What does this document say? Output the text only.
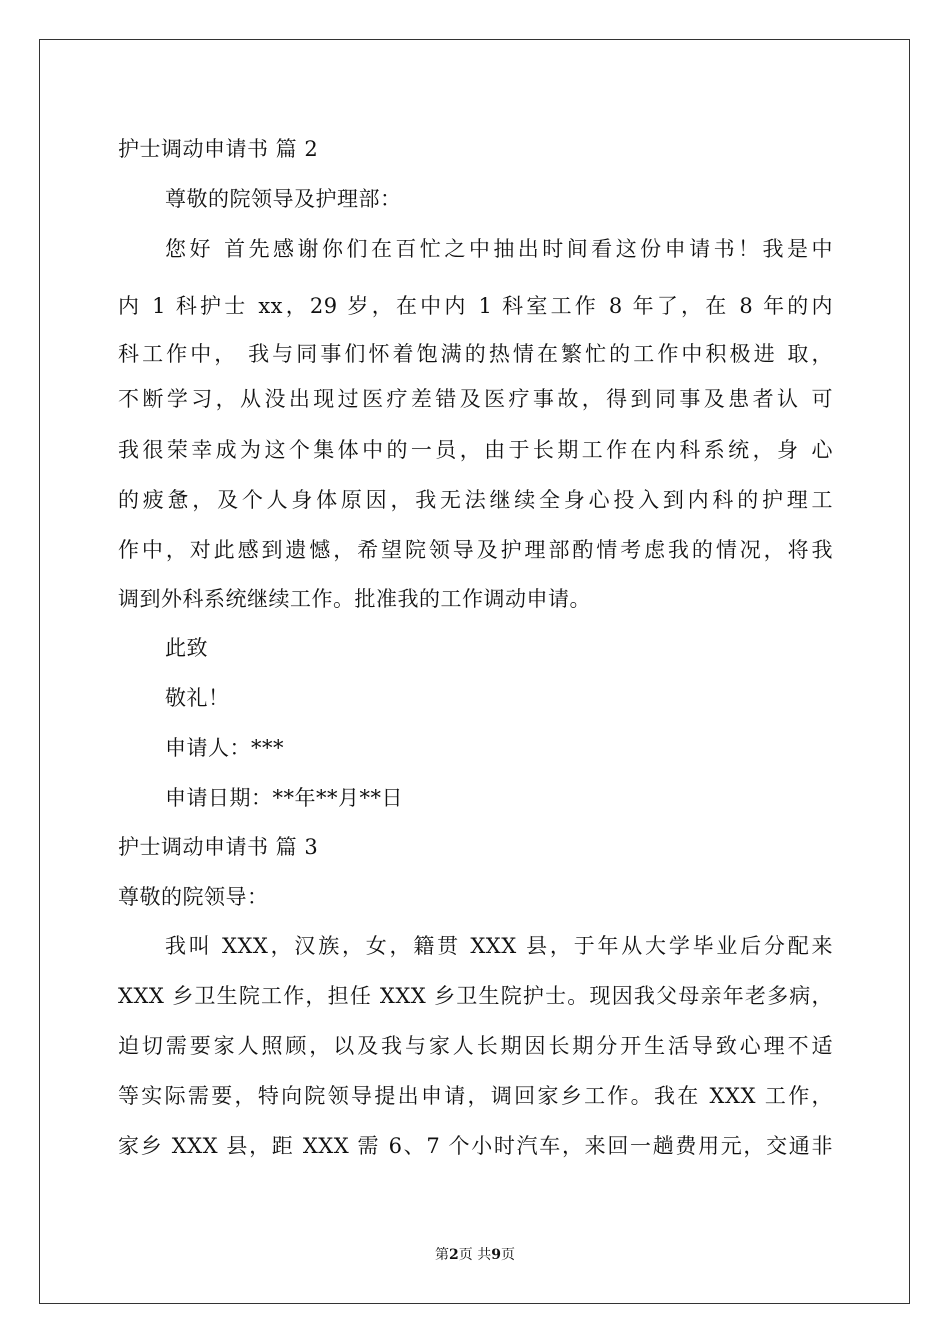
护士调动申请书 篇 2
尊敬的院领导及护理部：
您好 首先感谢你们在百忙之中抽出时间看这份申请书！我是中
内 1 科护士 xx，29 岁，在中内 1 科室工作 8 年了，在 8 年的内
科工作中， 我与同事们怀着饱满的热情在繁忙的工作中积极进 取，
不断学习，从没出现过医疗差错及医疗事故，得到同事及患者认 可
我很荣幸成为这个集体中的一员，由于长期工作在内科系统，身 心
的疲惫，及个人身体原因，我无法继续全身心投入到内科的护理工
作中，对此感到遗憾，希望院领导及护理部酌情考虑我的情况，将我
调到外科系统继续工作。批准我的工作调动申请。
此致
敬礼！
申请人：***
申请日期：**年**月**日
护士调动申请书 篇 3
尊敬的院领导：
我叫 XXX，汉族，女，籍贯 XXX 县，于年从大学毕业后分配来
XXX 乡卫生院工作，担任 XXX 乡卫生院护士。现因我父母亲年老多病，
迫切需要家人照顾，以及我与家人长期因长期分开生活导致心理不适
等实际需要，特向院领导提出申请，调回家乡工作。我在 XXX 工作，
家乡 XXX 县，距 XXX 需 6、7 个小时汽车，来回一趟费用元，交通非
第2页 共9页
